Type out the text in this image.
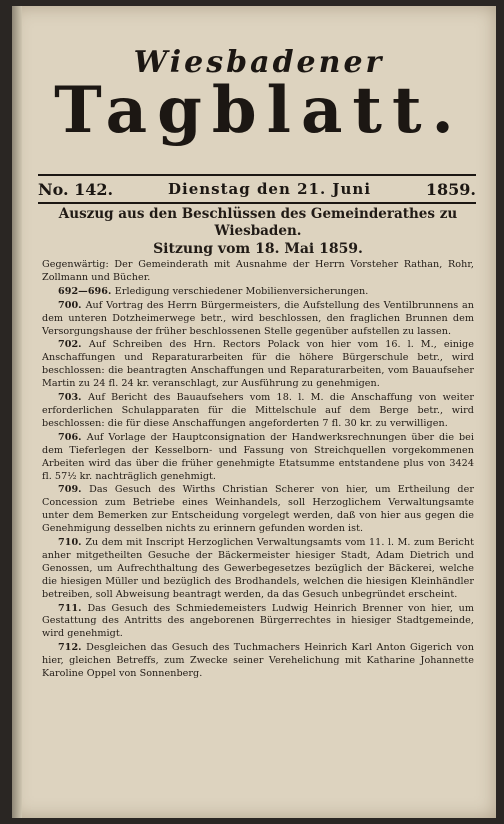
Wiesbadener
Tagblatt.
No. 142.	Dienstag den 21. Juni	1859.
Auszug aus den Beschlüssen des Gemeinderathes zu Wiesbaden.
Sitzung vom 18. Mai 1859.

Gegenwärtig: Der Gemeinderath mit Ausnahme der Herrn Vorsteher Rathan, Rohr, Zollmann und Bücher.

692—696. Erledigung verschiedener Mobilienversicherungen.

700. Auf Vortrag des Herrn Bürgermeisters, die Aufstellung des Ventilbrunnens an dem unteren Dotzheimerwege betr., wird beschlossen, den fraglichen Brunnen dem Versorgungshause der früher beschlossenen Stelle gegenüber aufstellen zu lassen.

702. Auf Schreiben des Hrn. Rectors Polack von hier vom 16. l. M., einige Anschaffungen und Reparaturarbeiten für die höhere Bürgerschule betr., wird beschlossen: die beantragten Anschaffungen und Reparaturarbeiten, vom Bauaufseher Martin zu 24 fl. 24 kr. veranschlagt, zur Ausführung zu genehmigen.

703. Auf Bericht des Bauaufsehers vom 18. l. M. die Anschaffung von weiter erforderlichen Schulapparaten für die Mittelschule auf dem Berge betr., wird beschlossen: die für diese Anschaffungen angeforderten 7 fl. 30 kr. zu verwilligen.

706. Auf Vorlage der Hauptconsignation der Handwerksrechnungen über die bei dem Tieferlegen der Kesselborn- und Fassung von Streichquellen vorgekommenen Arbeiten wird das über die früher genehmigte Etatsumme entstandene plus von 3424 fl. 57½ kr. nachträglich genehmigt.

709. Das Gesuch des Wirths Christian Scherer von hier, um Ertheilung der Concession zum Betriebe eines Weinhandels, soll Herzoglichem Verwaltungsamte unter dem Bemerken zur Entscheidung vorgelegt werden, daß von hier aus gegen die Genehmigung desselben nichts zu erinnern gefunden worden ist.

710. Zu dem mit Inscript Herzoglichen Verwaltungsamts vom 11. l. M. zum Bericht anher mitgetheilten Gesuche der Bäckermeister hiesiger Stadt, Adam Dietrich und Genossen, um Aufrechthaltung des Gewerbegesetzes bezüglich der Bäckerei, welche die hiesigen Müller und bezüglich des Brodhandels, welchen die hiesigen Kleinhändler betreiben, soll Abweisung beantragt werden, da das Gesuch unbegründet erscheint.

711. Das Gesuch des Schmiedemeisters Ludwig Heinrich Brenner von hier, um Gestattung des Antritts des angeborenen Bürgerrechtes in hiesiger Stadtgemeinde, wird genehmigt.

712. Desgleichen das Gesuch des Tuchmachers Heinrich Karl Anton Gigerich von hier, gleichen Betreffs, zum Zwecke seiner Verehelichung mit Katharine Johannette Karoline Oppel von Sonnenberg.
